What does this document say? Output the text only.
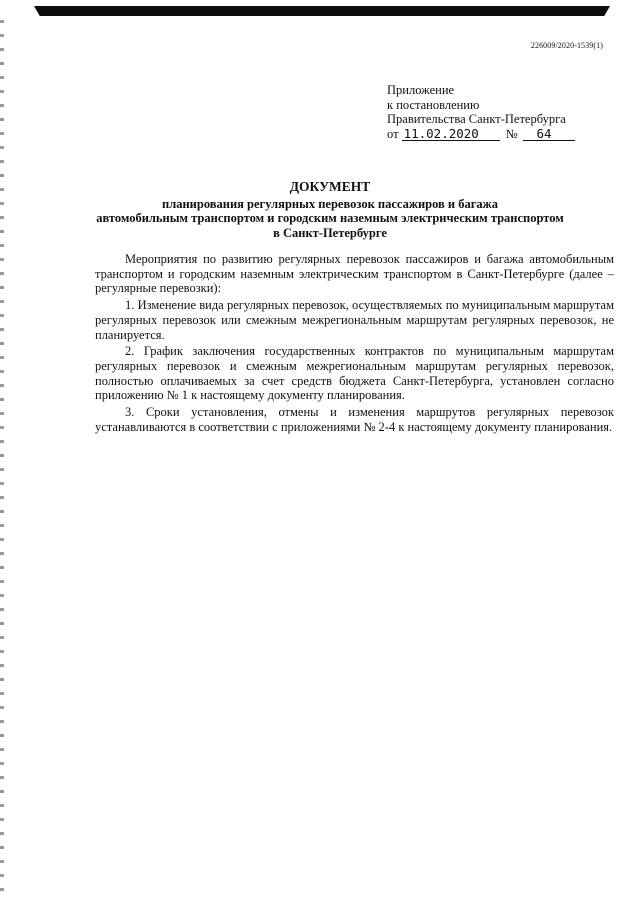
226009/2020-1539(1)
Приложение
к постановлению
Правительства Санкт-Петербурга
от 11.02.2020	№	64
ДОКУМЕНТ
планирования регулярных перевозок пассажиров и багажа
автомобильным транспортом и городским наземным электрическим транспортом
в Санкт-Петербурге

Мероприятия по развитию регулярных перевозок пассажиров и багажа автомобильным транспортом и городским наземным электрическим транспортом в Санкт-Петербурге (далее – регулярные перевозки):

1. Изменение вида регулярных перевозок, осуществляемых по муниципальным маршрутам регулярных перевозок или смежным межрегиональным маршрутам регулярных перевозок, не планируется.

2. График заключения государственных контрактов по муниципальным маршрутам регулярных перевозок и смежным межрегиональным маршрутам регулярных перевозок, полностью оплачиваемых за счет средств бюджета Санкт-Петербурга, установлен согласно приложению № 1 к настоящему документу планирования.

3. Сроки установления, отмены и изменения маршрутов регулярных перевозок устанавливаются в соответствии с приложениями № 2-4 к настоящему документу планирования.
